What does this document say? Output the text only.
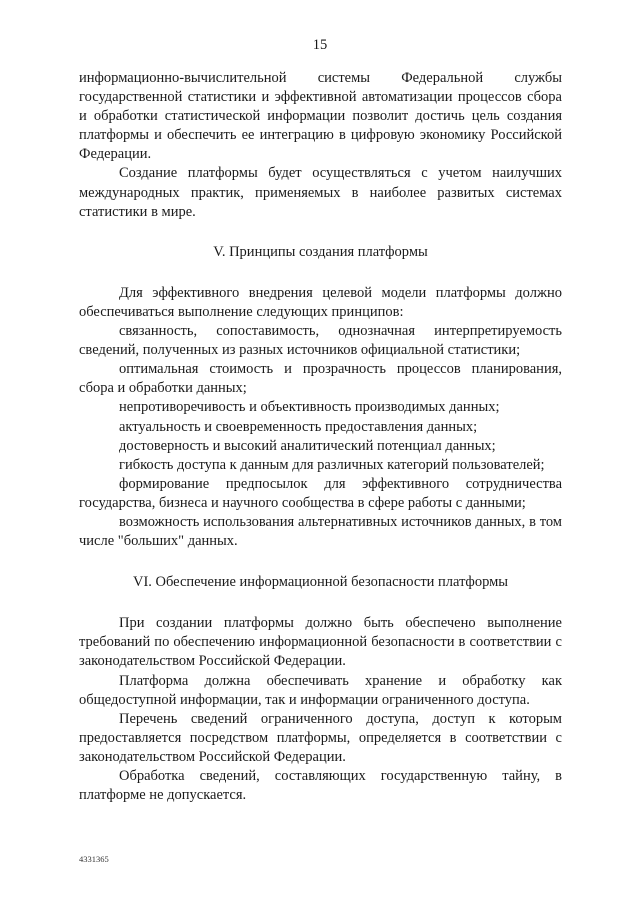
15

информационно-вычислительной системы Федеральной службы государственной статистики и эффективной автоматизации процессов сбора и обработки статистической информации позволит достичь цель создания платформы и обеспечить ее интеграцию в цифровую экономику Российской Федерации.

Создание платформы будет осуществляться с учетом наилучших международных практик, применяемых в наиболее развитых системах статистики в мире.

V. Принципы создания платформы

Для эффективного внедрения целевой модели платформы должно обеспечиваться выполнение следующих принципов:

связанность, сопоставимость, однозначная интерпретируемость сведений, полученных из разных источников официальной статистики;

оптимальная стоимость и прозрачность процессов планирования, сбора и обработки данных;

непротиворечивость и объективность производимых данных;

актуальность и своевременность предоставления данных;

достоверность и высокий аналитический потенциал данных;

гибкость доступа к данным для различных категорий пользователей;

формирование предпосылок для эффективного сотрудничества государства, бизнеса и научного сообщества в сфере работы с данными;

возможность использования альтернативных источников данных, в том числе "больших" данных.

VI. Обеспечение информационной безопасности платформы

При создании платформы должно быть обеспечено выполнение требований по обеспечению информационной безопасности в соответствии с законодательством Российской Федерации.

Платформа должна обеспечивать хранение и обработку как общедоступной информации, так и информации ограниченного доступа.

Перечень сведений ограниченного доступа, доступ к которым предоставляется посредством платформы, определяется в соответствии с законодательством Российской Федерации.

Обработка сведений, составляющих государственную тайну, в платформе не допускается.

4331365
